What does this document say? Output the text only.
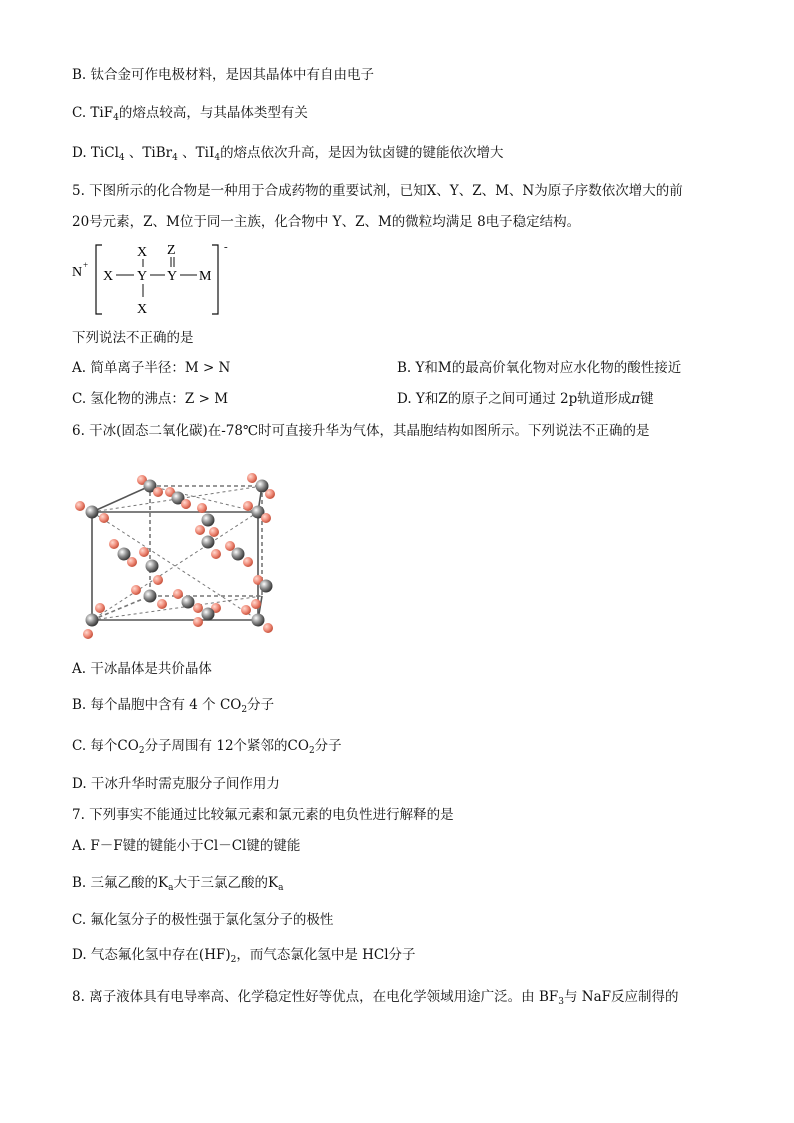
B. 钛合金可作电极材料，是因其晶体中有自由电子
C. TiF$_4$的熔点较高，与其晶体类型有关
D. TiCl$_4$ 、TiBr$_4$ 、TiI$_4$的熔点依次升高，是因为钛卤键的键能依次增大
5. 下图所示的化合物是一种用于合成药物的重要试剂，已知X、Y、Z、M、N为原子序数依次增大的前
20号元素，Z、M位于同一主族，化合物中 Y、Z、M的微粒均满足 8电子稳定结构。
N +
-
X Z
X Y Y M
X
下列说法不正确的是
A. 简单离子半径：M > N	B. Y和M的最高价氧化物对应水化物的酸性接近
C. 氢化物的沸点：Z > M	D. Y和Z的原子之间可通过 2p轨道形成π键
6. 干冰(固态二氧化碳)在-78℃时可直接升华为气体，其晶胞结构如图所示。下列说法不正确的是
A. 干冰晶体是共价晶体
B. 每个晶胞中含有 4 个 $CO_2$分子
C. 每个$CO_2$分子周围有 12个紧邻的$CO_2$分子
D. 干冰升华时需克服分子间作用力
7. 下列事实不能通过比较氟元素和氯元素的电负性进行解释的是
A. F－F键的键能小于Cl－Cl键的键能
B. 三氟乙酸的$K_a$大于三氯乙酸的$K_a$
C. 氟化氢分子的极性强于氯化氢分子的极性
D. 气态氟化氢中存在$(HF)_2$，而气态氯化氢中是 HCl分子
8. 离子液体具有电导率高、化学稳定性好等优点，在电化学领域用途广泛。由 $BF_3$与 NaF反应制得的
